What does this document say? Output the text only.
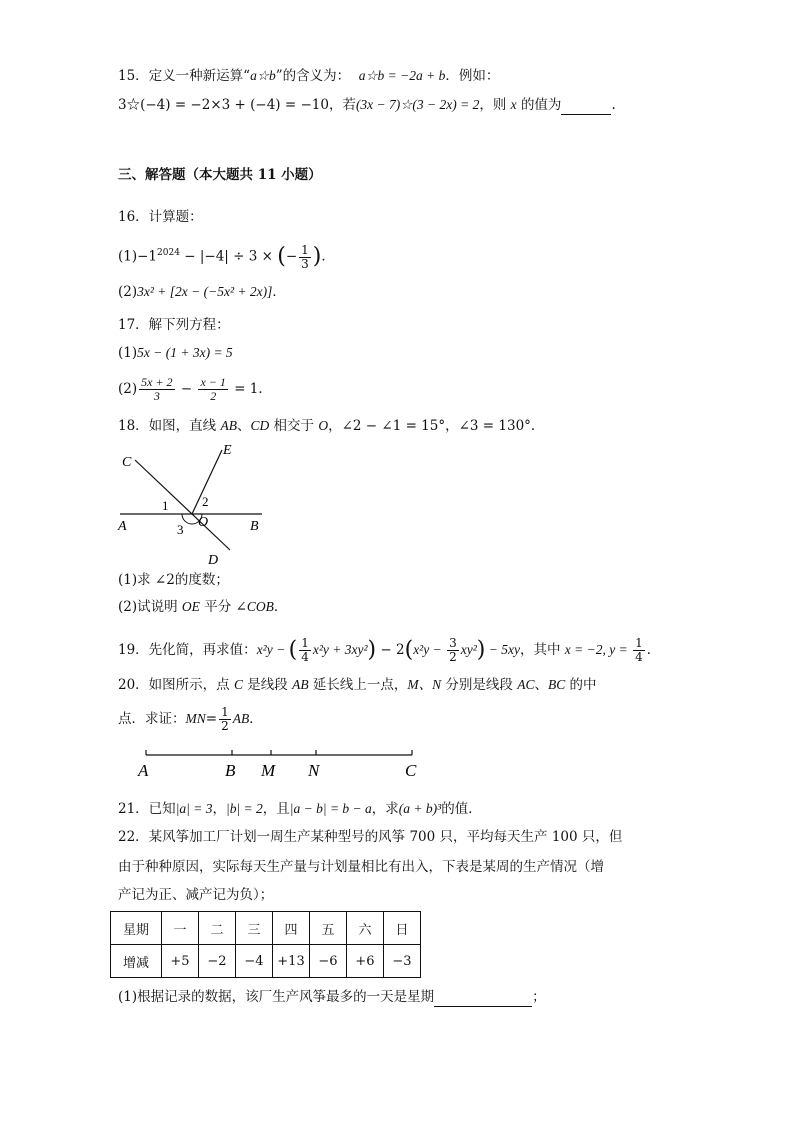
15．定义一种新运算“a☆b”的含义为： a☆b = −2a + b．例如：
3☆(−4) = −2×3 + (−4) = −10，若(3x − 7)☆(3 − 2x) = 2，则 x 的值为	.
三、解答题（本大题共 11 小题）
16．计算题：
$(1)-1^{2024} - |-4| \div 3$ × (− $\frac{1}{3}$ )．
(2)3x² + [2x − (−5x² + 2x)]．
17．解下列方程：
(1)5x − (1 + 3x) = 5
$(2) \frac{5x + 2}{3} - \frac{x - 1}{2} = 1$．
18．如图，直线 AB、CD 相交于 O，∠2 − ∠1 = 15°，∠3 = 130°．
C
E
A	B
O
D
1	2
3
(1)求 ∠2的度数；
(2)试说明 OE 平分 ∠COB．
19．先化简，再求值：x²y − ( $\frac{1}{4} x^2y + 3xy^2) - 2(x^2y - \frac{3}{2} xy^2) - 5xy$，其中 x = −2, $y = \frac{1}{4}$ ．
20．如图所示，点 C 是线段 AB 延长线上一点，M、N 分别是线段 AC、BC 的中
点．求证：$MN= \frac{1}{2}$ AB．
A	B M N	C
21．已知|a| = 3，|b| = 2，且|a − b| = b − a，求(a + b)³的值．
22．某风筝加工厂计划一周生产某种型号的风筝 700 只，平均每天生产 100 只，但
由于种种原因，实际每天生产量与计划量相比有出入，下表是某周的生产情况（增
产记为正、减产记为负）；
星期	一	二	三	四	五	六	日
增减	+5	−2	−4	+13	−6	+6	−3
(1)根据记录的数据，该厂生产风筝最多的一天是星期	；
